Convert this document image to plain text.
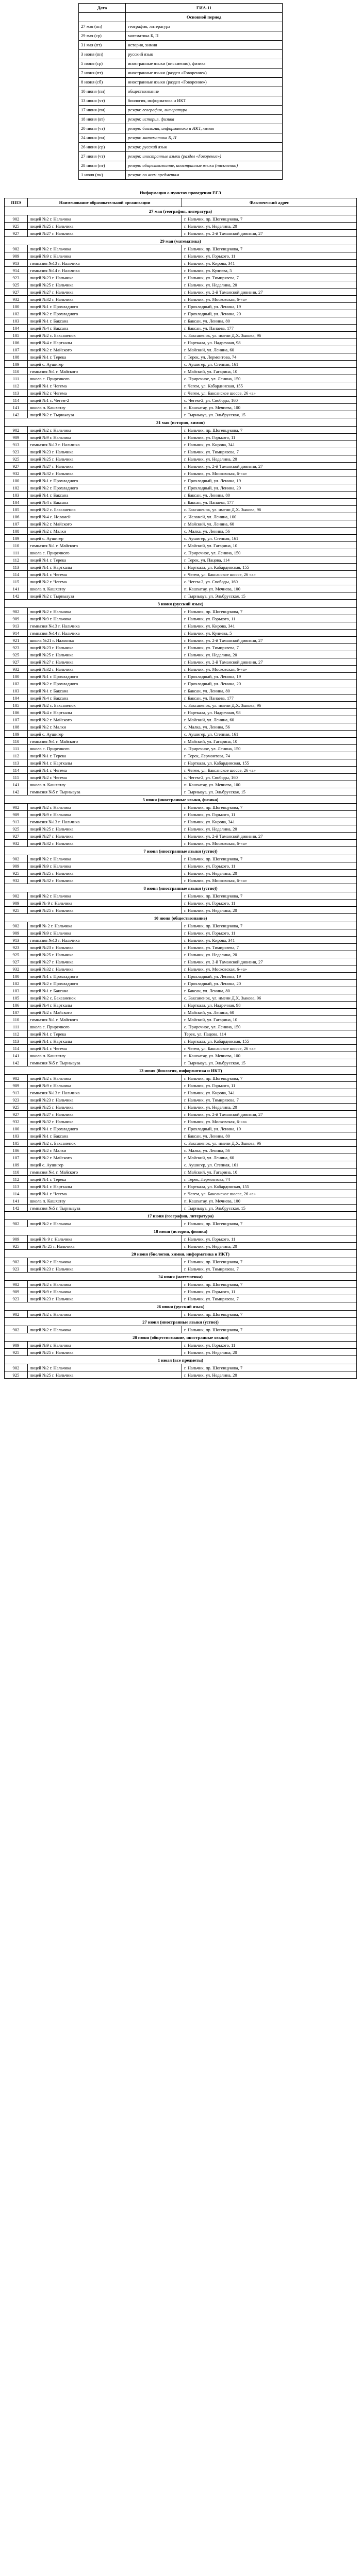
Дата	ГИА-11
	Основной период
27 мая (пн)	география, литература
29 мая (ср)	математика Б, П
31 мая (пт)	история, химия
3 июня (пн)	русский язык
5 июня (ср)	иностранные языки (письменно), физика
7 июня (пт)	иностранные языки (раздел «Говорение»)
8 июня (сб)	иностранные языки (раздел «Говорение»)
10 июня (пн)	обществознание
13 июня (чт)	биология, информатика и ИКТ
17 июня (пн)	резерв: география, литература
18 июня (вт)	резерв: история, физика
20 июня (чт)	резерв: биология, информатика и ИКТ, химия
24 июня (пн)	резерв: математика Б, П
26 июня (ср)	резерв: русский язык
27 июня (чт)	резерв: иностранные языки (раздел «Говорение»)
28 июня (пт)	резерв: обществознание, иностранные языки (письменно)
1 июля (пн)	резерв: по всем предметам
Информация о пунктах проведения ЕГЭ
ППЭ	Наименование образовательной организации	Фактический адрес
27 мая (география, литература)		
902	лицей №2 г. Нальчика	г. Нальчик, пр. Шогенцукова, 7
925	лицей №25 г. Нальчика	г. Нальчик, ул. Неделина, 20
927	лицей №27 г. Нальчика	г. Нальчик, ул. 2-й Таманской дивизии, 27
29 мая (математика)		
902	лицей №2 г. Нальчика	г. Нальчик, пр. Шогенцукова, 7
909	лицей №9 г. Нальчика	г. Нальчик, ул. Горького, 11
913	гимназия №13 г. Нальчика	г. Нальчик, ул. Кирова, 341
914	гимназия №14 г. Нальчика	г. Нальчик, ул. Кулиева, 5
923	лицей №23 г. Нальчика	г. Нальчик, ул. Тимирязева, 7
925	лицей №25 г. Нальчика	г. Нальчик, ул. Неделина, 20
927	лицей №27 г. Нальчика	г. Нальчик, ул. 2-й Таманской дивизии, 27
932	лицей №32 г. Нальчика	г. Нальчик, ул. Московская, 6-«а»
100	лицей №1 г. Прохладного	г. Прохладный, ул. Ленина, 19
102	лицей №2 г. Прохладного	г. Прохладный, ул. Ленина, 20
103	лицей №1 г. Баксана	г. Баксан, ул. Ленина, 80
104	лицей №4 г. Баксана	г. Баксан, ул. Панаева, 177
105	лицей №2 с. Баксаненок	с. Баксаненок, ул. имени Д.Х. Зыкова, 96
106	лицей №4 г. Нарткалы	г. Нарткала, ул. Надречная, 98
107	лицей №2 г. Майского	г. Майский, ул. Ленина, 60
108	лицей №1 г. Терека	г. Терек, ул. Лермонтова, 74
109	лицей с. Аушигер	с. Аушигер, ул. Степная, 161
110	гимназия №1 г. Майского	г. Майский, ул. Гагарина, 10
111	школа с. Приречного	с. Приречное, ул. Ленина, 150
112	лицей №1 г. Чегема	г. Чегем, ул. Кабардинская, 155
113	лицей №2 г. Чегема	г. Чегем, ул. Баксанское шоссе, 26 «а»
114	лицей №1 с. Чегем-2	с. Чегем-2, ул. Свободы, 160
141	школа п. Кашхатау	п. Кашхатау, ул. Мечиева, 100
142	лицей №2 г. Тырныауза	г. Тырныауз, ул. Эльбрусская, 15
31 мая (история, химия)		
902	лицей №2 г. Нальчика	г. Нальчик, пр. Шогенцукова, 7
909	лицей №9 г. Нальчика	г. Нальчик, ул. Горького, 11
913	гимназия №13 г. Нальчика	г. Нальчик, ул. Кирова, 341
923	лицей №23 г. Нальчика	г. Нальчик, ул. Тимирязева, 7
925	лицей №25 г. Нальчика	г. Нальчик, ул. Неделина, 20
927	лицей №27 г. Нальчика	г. Нальчик, ул. 2-й Таманской дивизии, 27
932	лицей №32 г. Нальчика	г. Нальчик, ул. Московская, 6-«а»
100	лицей №1 г. Прохладного	г. Прохладный, ул. Ленина, 19
102	лицей №2 г. Прохладного	г. Прохладный, ул. Ленина, 20
103	лицей №1 г. Баксана	г. Баксан, ул. Ленина, 80
104	лицей №4 г. Баксана	г. Баксан, ул. Панаева, 177
105	лицей №2 с. Баксаненок	с. Баксаненок, ул. имени Д.Х. Зыкова, 96
106	лицей №4 с. Исламей	с. Исламей, ул. Ленина, 100
107	лицей №2 г. Майского	г. Майский, ул. Ленина, 60
108	лицей №2 г. Малки	с. Малка, ул. Ленина, 56
109	лицей с. Аушигер	с. Аушигер, ул. Степная, 161
110	гимназия №1 г. Майского	г. Майский, ул. Гагарина, 10
111	школа с. Приречного	с. Приречное, ул. Ленина, 150
112	лицей №1 г. Терека	г. Терек, ул. Пацова, 114
113	лицей №1 г. Нарткалы	г. Нарткала, ул. Кабардинская, 155
114	лицей №1 г. Чегема	г. Чегем, ул. Баксанское шоссе, 26 «а»
115	лицей №2 г. Чегема	с. Чегем-2, ул. Свободы, 160
141	школа п. Кашхатау	п. Кашхатау, ул. Мечиева, 100
142	лицей №2 г. Тырныауза	г. Тырныауз, ул. Эльбрусская, 15
3 июня (русский язык)		
902	лицей №2 г. Нальчика	г. Нальчик, пр. Шогенцукова, 7
909	лицей №9 г. Нальчика	г. Нальчик, ул. Горького, 11
913	гимназия №13 г. Нальчика	г. Нальчик, ул. Кирова, 341
914	гимназия №14 г. Нальчика	г. Нальчик, ул. Кулиева, 5
921	школа №21 г. Нальчика	г. Нальчик, ул. 2-й Таманской дивизии, 27
923	лицей №23 г. Нальчика	г. Нальчик, ул. Тимирязева, 7
925	лицей №25 г. Нальчика	г. Нальчик, ул. Неделина, 20
927	лицей №27 г. Нальчика	г. Нальчик, ул. 2-й Таманской дивизии, 27
932	лицей №32 г. Нальчика	г. Нальчик, ул. Московская, 6-«а»
100	лицей №1 г. Прохладного	г. Прохладный, ул. Ленина, 19
102	лицей №2 г. Прохладного	г. Прохладный, ул. Ленина, 20
103	лицей №1 г. Баксана	г. Баксан, ул. Ленина, 80
104	лицей №4 г. Баксана	г. Баксан, ул. Панаева, 177
105	лицей №2 с. Баксаненок	с. Баксаненок, ул. имени Д.Х. Зыкова, 96
106	лицей №4 г. Нарткалы	г. Нарткала, ул. Надречная, 98
107	лицей №2 г. Майского	г. Майский, ул. Ленина, 60
108	лицей №2 г. Малки	с. Малка, ул. Ленина, 56
109	лицей с. Аушигер	с. Аушигер, ул. Степная, 161
110	гимназия №1 г. Майского	г. Майский, ул. Гагарина, 10
111	школа с. Приречного	с. Приречное, ул. Ленина, 150
112	лицей №1 г. Терека	г. Терек, Лермонтова, 74
113	лицей №1 г. Нарткалы	г. Нарткала, ул. Кабардинская, 155
114	лицей №1 г. Чегема	г. Чегем, ул. Баксанское шоссе, 26 «а»
115	лицей №2 г. Чегема	с. Чегем-2, ул. Свободы, 160
141	школа п. Кашхатау	п. Кашхатау, ул. Мечиева, 100
142	гимназия №5 г. Тырныауза	г. Тырныауз, ул. Эльбрусская, 15
5 июня (иностранные языки, физика)		
902	лицей №2 г. Нальчика	г. Нальчик, пр. Шогенцукова, 7
909	лицей №9 г. Нальчика	г. Нальчик, ул. Горького, 11
913	гимназия №13 г. Нальчика	г. Нальчик, ул. Кирова, 341
925	лицей №25 г. Нальчика	г. Нальчик, ул. Неделина, 20
927	лицей №27 г. Нальчика	г. Нальчик, ул. 2-й Таманской дивизии, 27
932	лицей №32 г. Нальчика	г. Нальчик, ул. Московская, 6-«а»
7 июня (иностранные языки (устно))		
902	лицей №2 г. Нальчика	г. Нальчик, пр. Шогенцукова, 7
909	лицей №9 г. Нальчика	г. Нальчик, ул. Горького, 11
925	лицей №25 г. Нальчика	г. Нальчик, ул. Неделина, 20
932	лицей №32 г. Нальчика	г. Нальчик, ул. Московская, 6-«а»
8 июня (иностранные языки (устно))		
902	лицей №2 г. Нальчика	г. Нальчик, пр. Шогенцукова, 7
909	лицей № 9 г. Нальчика	г. Нальчик, ул. Горького, 11
925	лицей №25 г. Нальчика	г. Нальчик, ул. Неделина, 20
10 июня (обществознание)		
902	лицей № 2 г. Нальчика	г. Нальчик, пр. Шогенцукова, 7
909	лицей №9 г. Нальчика	г. Нальчик, ул. Горького, 11
913	гимназия №13 г. Нальчика	г. Нальчик, ул. Кирова, 341
923	лицей №23 г. Нальчика	г. Нальчик, ул. Тимирязева, 7
925	лицей №25 г. Нальчика	г. Нальчик, ул. Неделина, 20
927	лицей №27 г. Нальчика	г. Нальчик, ул. 2-й Таманской дивизии, 27
932	лицей №32 г. Нальчика	г. Нальчик, ул. Московская, 6-«а»
100	лицей №1 г. Прохладного	г. Прохладный, ул. Ленина, 19
102	лицей №2 г. Прохладного	г. Прохладный, ул. Ленина, 20
103	лицей №1 г. Баксана	г. Баксан, ул. Ленина, 80
105	лицей №2 с. Баксаненок	с. Баксаненок, ул. имени Д.Х. Зыкова, 96
106	лицей №4 г. Нарткалы	г. Нарткала, ул. Надречная, 98
107	лицей №2 г. Майского	г. Майский, ул. Ленина, 60
110	гимназия №1 г. Майского	г. Майский, ул. Гагарина, 10
111	школа с. Приречного	с. Приречное, ул. Ленина, 150
112	лицей №1 г. Терека	Терек, ул. Пацова, 114
113	лицей №1 г. Нарткалы	г. Нарткала, ул. Кабардинская, 155
114	лицей №1 г. Чегема	г. Чегем, ул. Баксанское шоссе, 26 «а»
141	школа п. Кашхатау	п. Кашхатау, ул. Мечиева, 100
142	гимназия №5 г. Тырныауза	г. Тырныауз, ул. Эльбрусская, 15
13 июня (биология, информатика и ИКТ)		
902	лицей №2 г. Нальчика	г. Нальчик, пр. Шогенцукова, 7
909	лицей №9 г. Нальчика	г. Нальчик, ул. Горького, 11
913	гимназия №13 г. Нальчика	г. Нальчик, ул. Кирова, 341
923	лицей №23 г. Нальчика	г. Нальчик, ул. Тимирязева, 7
925	лицей №25 г. Нальчика	г. Нальчик, ул. Неделина, 20
927	лицей №27 г. Нальчика	г. Нальчик, ул. 2-й Таманской дивизии, 27
932	лицей №32 г. Нальчика	г. Нальчик, ул. Московская, 6-«а»
100	лицей №1 г. Прохладного	г. Прохладный, ул. Ленина, 19
103	лицей №1 г. Баксана	г. Баксан, ул. Ленина, 80
105	лицей №2 с. Баксаненок	с. Баксаненок, ул. имени Д.Х. Зыкова, 96
106	лицей №2 г. Малки	с. Малка, ул. Ленина, 56
107	лицей №2 г. Майского	г. Майский, ул. Ленина, 60
109	лицей с. Аушигер	с. Аушигер, ул. Степная, 161
110	гимназия №1 г. Майского	г. Майский, ул. Гагарина, 10
112	лицей №1 г. Терека	г. Терек, Лермонтова, 74
113	лицей №1 г. Нарткалы	г. Нарткала, ул. Кабардинская, 155
114	лицей №1 г. Чегема	г. Чегем, ул. Баксанское шоссе, 26 «а»
141	школа п. Кашхатау	п. Кашхатау, ул. Мечиева, 100
142	гимназия №5 г. Тырныауза	г. Тырныауз, ул. Эльбрусская, 15
17 июня (география, литература)		
902	лицей №2 г. Нальчика	г. Нальчик, пр. Шогенцукова, 7
18 июня (история, физика)		
909	лицей № 9 г. Нальчика	г. Нальчик, ул. Горького, 11
925	лицей № 25 г. Нальчика	г. Нальчик, ул. Неделина, 20
20 июня (биология, химия, информатика и ИКТ)		
902	лицей №2 г. Нальчика	г. Нальчик, пр. Шогенцукова, 7
923	лицей №23 г. Нальчика	г. Нальчик, ул. Тимирязева, 7
24 июня (математика)		
902	лицей №2 г. Нальчика	г. Нальчик, пр. Шогенцукова, 7
909	лицей №9 г. Нальчика	г. Нальчик, ул. Горького, 11
923	лицей №23 г. Нальчика	г. Нальчик, ул. Тимирязева, 7
26 июня (русский язык)		
902	лицей №2 г. Нальчика	г. Нальчик, пр. Шогенцукова, 7
27 июня (иностранные языки (устно))		
902	лицей №2 г. Нальчика	г. Нальчик, пр. Шогенцукова, 7
28 июня (обществознание, иностранные языки)		
909	лицей №9 г. Нальчика	г. Нальчик, ул. Горького, 11
925	лицей №25 г. Нальчика	г. Нальчик, ул. Неделина, 20
1 июля (все предметы)		
902	лицей №2 г. Нальчика	г. Нальчик, пр. Шогенцукова, 7
925	лицей №25 г. Нальчика	г. Нальчик, ул. Неделина, 20
